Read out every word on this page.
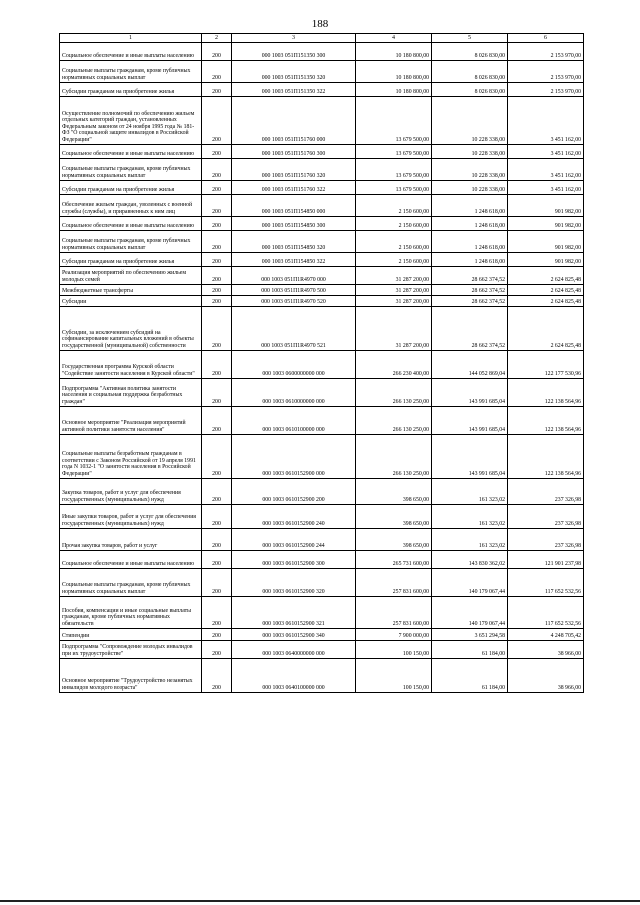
188
1	2	3	4	5	6
Социальное обеспечение и иные выплаты населению	200	000 1003 051П151350 300	10 180 800,00	8 026 830,00	2 153 970,00
Социальные выплаты гражданам, кроме публичных нормативных социальных выплат	200	000 1003 051П151350 320	10 180 800,00	8 026 830,00	2 153 970,00
Субсидии гражданам на приобретение жилья	200	000 1003 051П151350 322	10 180 800,00	8 026 830,00	2 153 970,00
Осуществление полномочий по обеспечению жильем отдельных категорий граждан, установленных Федеральным законом от 24 ноября 1995 года № 181-ФЗ "О социальной защите инвалидов в Российской Федерации"	200	000 1003 051П151760 000	13 679 500,00	10 228 338,00	3 451 162,00
Социальное обеспечение и иные выплаты населению	200	000 1003 051П151760 300	13 679 500,00	10 228 338,00	3 451 162,00
Социальные выплаты гражданам, кроме публичных нормативных социальных выплат	200	000 1003 051П151760 320	13 679 500,00	10 228 338,00	3 451 162,00
Субсидии гражданам на приобретение жилья	200	000 1003 051П151760 322	13 679 500,00	10 228 338,00	3 451 162,00
Обеспечение жильем граждан, уволенных с военной службы (службы), и приравненных к ним лиц	200	000 1003 051П154850 000	2 150 600,00	1 248 618,00	901 982,00
Социальное обеспечение и иные выплаты населению	200	000 1003 051П154850 300	2 150 600,00	1 248 618,00	901 982,00
Социальные выплаты гражданам, кроме публичных нормативных социальных выплат	200	000 1003 051П154850 320	2 150 600,00	1 248 618,00	901 982,00
Субсидии гражданам на приобретение жилья	200	000 1003 051П154850 322	2 150 600,00	1 248 618,00	901 982,00
Реализация мероприятий по обеспечению жильем молодых семей	200	000 1003 051П1R4970 000	31 287 200,00	28 662 374,52	2 624 825,48
Межбюджетные трансферты	200	000 1003 051П1R4970 500	31 287 200,00	28 662 374,52	2 624 825,48
Субсидии	200	000 1003 051П1R4970 520	31 287 200,00	28 662 374,52	2 624 825,48
Субсидии, за исключением субсидий на софинансирование капитальных вложений в объекты государственной (муниципальной) собственности	200	000 1003 051П1R4970 521	31 287 200,00	28 662 374,52	2 624 825,48
Государственная программа Курской области "Содействие занятости населения в Курской области"	200	000 1003 0600000000 000	266 230 400,00	144 052 869,04	122 177 530,96
Подпрограмма "Активная политика занятости населения и социальная поддержка безработных граждан"	200	000 1003 0610000000 000	266 130 250,00	143 991 685,04	122 138 564,96
Основное мероприятие "Реализация мероприятий активной политики занятости населения"	200	000 1003 0610100000 000	266 130 250,00	143 991 685,04	122 138 564,96
Социальные выплаты безработным гражданам в соответствии с Законом Российской от 19 апреля 1991 года N 1032-1 "О занятости населения в Российской Федерации"	200	000 1003 0610152900 000	266 130 250,00	143 991 685,04	122 138 564,96
Закупка товаров, работ и услуг для обеспечения государственных (муниципальных) нужд	200	000 1003 0610152900 200	398 650,00	161 323,02	237 326,98
Иные закупки товаров, работ и услуг для обеспечения государственных (муниципальных) нужд	200	000 1003 0610152900 240	398 650,00	161 323,02	237 326,98
Прочая закупка товаров, работ и услуг	200	000 1003 0610152900 244	398 650,00	161 323,02	237 326,98
Социальное обеспечение и иные выплаты населению	200	000 1003 0610152900 300	265 731 600,00	143 830 362,02	121 901 237,98
Социальные выплаты гражданам, кроме публичных нормативных социальных выплат	200	000 1003 0610152900 320	257 831 600,00	140 179 067,44	117 652 532,56
Пособия, компенсации и иные социальные выплаты гражданам, кроме публичных нормативных обязательств	200	000 1003 0610152900 321	257 831 600,00	140 179 067,44	117 652 532,56
Стипендии	200	000 1003 0610152900 340	7 900 000,00	3 651 294,58	4 248 705,42
Подпрограмма "Сопровождение молодых инвалидов при их трудоустройстве"	200	000 1003 0640000000 000	100 150,00	61 184,00	38 966,00
Основное мероприятие "Трудоустройство незанятых инвалидов молодого возраста"	200	000 1003 0640100000 000	100 150,00	61 184,00	38 966,00
